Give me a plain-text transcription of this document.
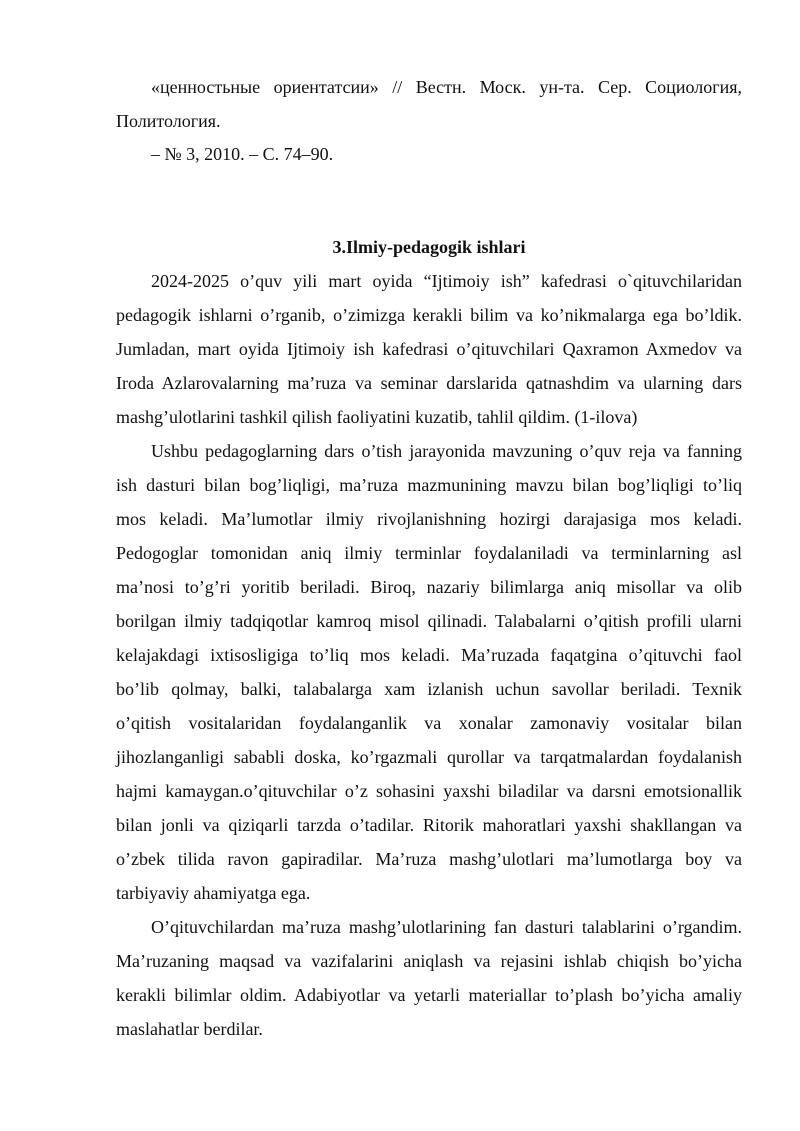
«ценностьные ориентатсии» // Вестн. Моск. ун-та. Сер. Социология,
Политология.
– № 3, 2010. – С. 74–90.
3.Ilmiy-pedagogik ishlari
2024-2025 o’quv yili mart oyida “Ijtimoiy ish” kafedrasi o`qituvchilaridan
pedagogik ishlarni o’rganib, o’zimizga kerakli bilim va ko’nikmalarga ega bo’ldik.
Jumladan, mart oyida Ijtimoiy ish kafedrasi o’qituvchilari Qaxramon Axmedov va
Iroda Azlarovalarning ma’ruza va seminar darslarida qatnashdim va ularning dars
mashg’ulotlarini tashkil qilish faoliyatini kuzatib, tahlil qildim. (1-ilova)
Ushbu pedagoglarning dars o’tish jarayonida mavzuning o’quv reja va fanning
ish dasturi bilan bog’liqligi, ma’ruza mazmunining mavzu bilan bog’liqligi to’liq
mos keladi. Ma’lumotlar ilmiy rivojlanishning hozirgi darajasiga mos keladi.
Pedogoglar tomonidan aniq ilmiy terminlar foydalaniladi va terminlarning asl
ma’nosi to’g’ri yoritib beriladi. Biroq, nazariy bilimlarga aniq misollar va olib
borilgan ilmiy tadqiqotlar kamroq misol qilinadi. Talabalarni o’qitish profili ularni
kelajakdagi ixtisosligiga to’liq mos keladi. Ma’ruzada faqatgina o’qituvchi faol
bo’lib qolmay, balki, talabalarga xam izlanish uchun savollar beriladi. Texnik
o’qitish vositalaridan foydalanganlik va xonalar zamonaviy vositalar bilan
jihozlanganligi sababli doska, ko’rgazmali qurollar va tarqatmalardan foydalanish
hajmi kamaygan.o’qituvchilar o’z sohasini yaxshi biladilar va darsni emotsionallik
bilan jonli va qiziqarli tarzda o’tadilar. Ritorik mahoratlari yaxshi shakllangan va
o’zbek tilida ravon gapiradilar. Ma’ruza mashg’ulotlari ma’lumotlarga boy va
tarbiyaviy ahamiyatga ega.
O’qituvchilardan ma’ruza mashg’ulotlarining fan dasturi talablarini o’rgandim.
Ma’ruzaning maqsad va vazifalarini aniqlash va rejasini ishlab chiqish bo’yicha
kerakli bilimlar oldim. Adabiyotlar va yetarli materiallar to’plash bo’yicha amaliy
maslahatlar berdilar.
